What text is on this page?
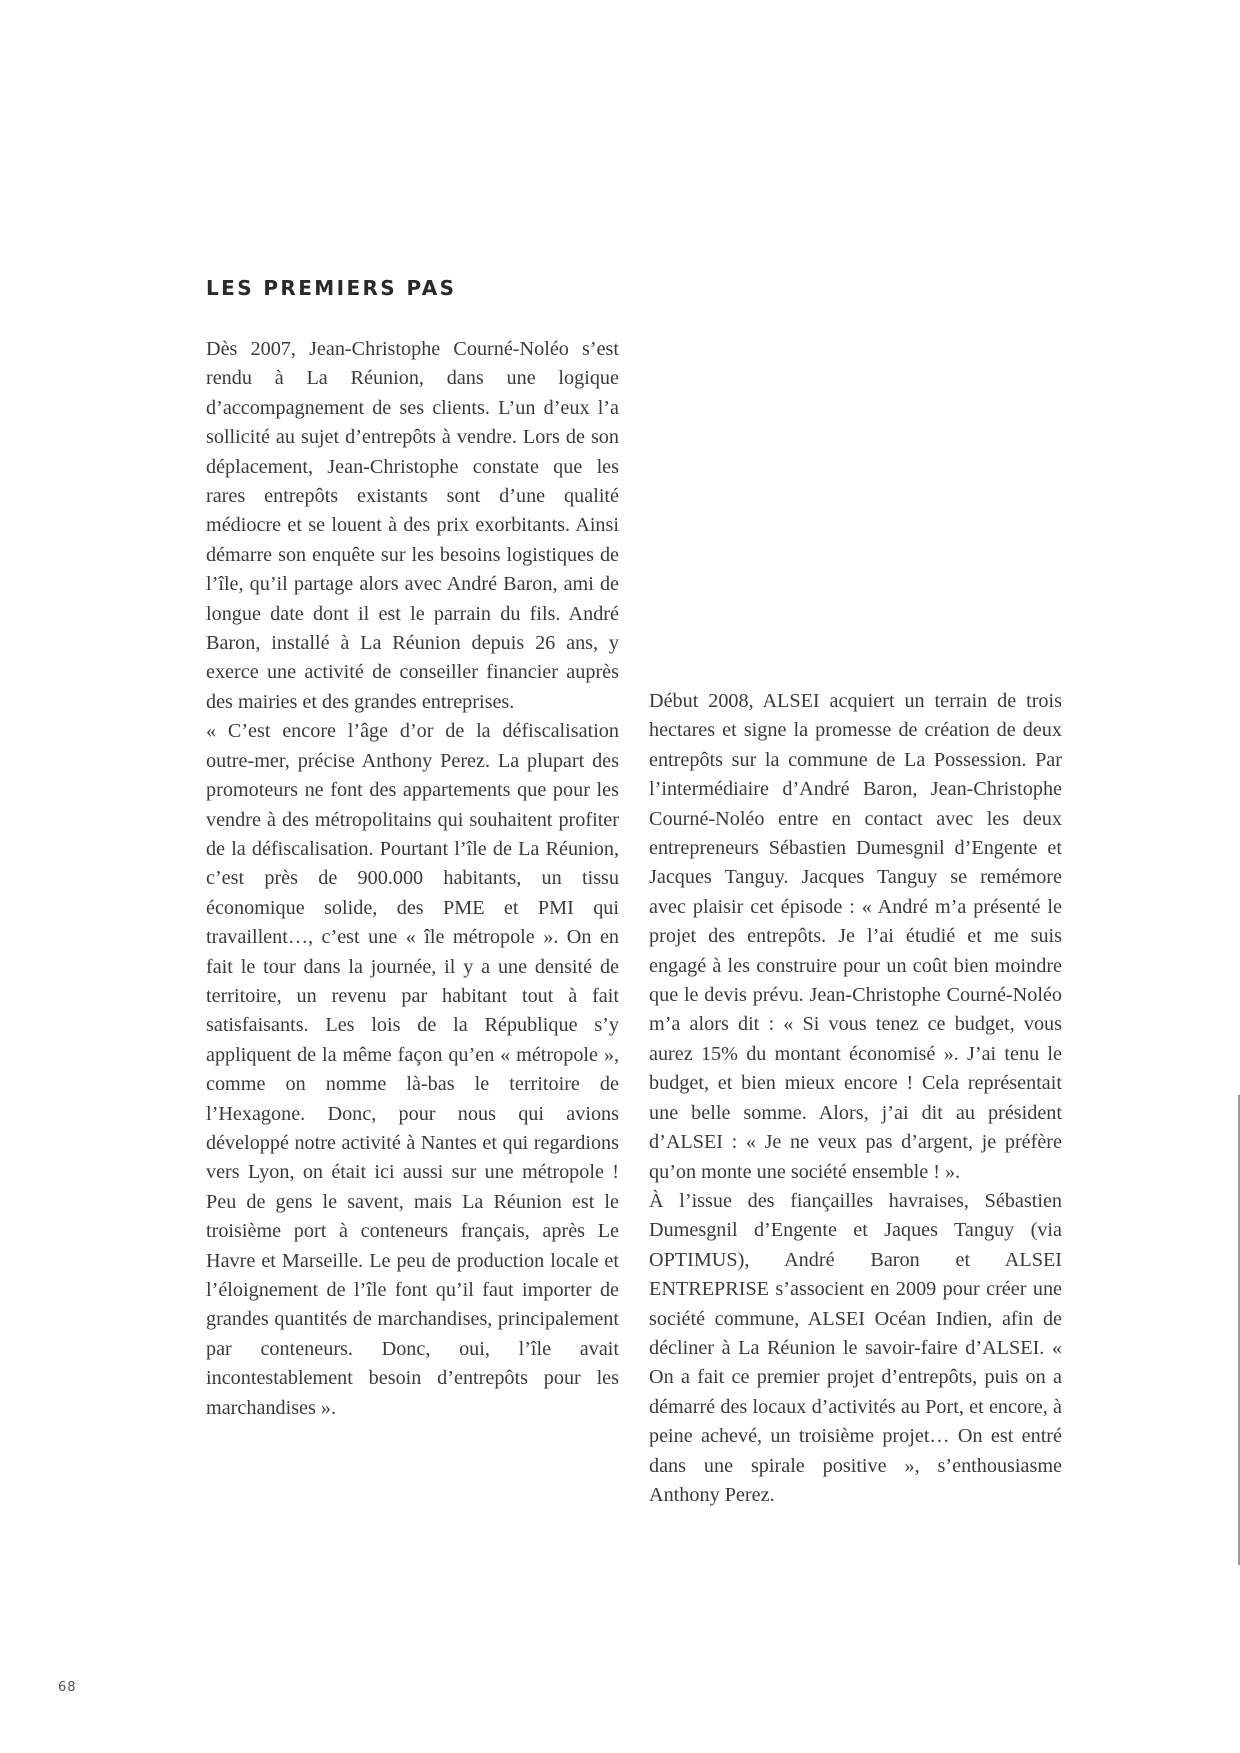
LES PREMIERS PAS

Dès 2007, Jean-Christophe Courné-Noléo s’est rendu à La Réunion, dans une logique d’accompagnement de ses clients. L’un d’eux l’a sollicité au sujet d’entrepôts à vendre. Lors de son déplacement, Jean-Christophe constate que les rares entrepôts existants sont d’une qualité médiocre et se louent à des prix exorbitants. Ainsi démarre son enquête sur les besoins logistiques de l’île, qu’il partage alors avec André Baron, ami de longue date dont il est le parrain du fils. André Baron, installé à La Réunion depuis 26 ans, y exerce une activité de conseiller financier auprès des mairies et des grandes entreprises.

« C’est encore l’âge d’or de la défiscalisation outre-mer, précise Anthony Perez. La plupart des promoteurs ne font des appartements que pour les vendre à des métropolitains qui souhaitent profiter de la défiscalisation. Pourtant l’île de La Réunion, c’est près de 900.000 habitants, un tissu économique solide, des PME et PMI qui travaillent…, c’est une « île métropole ». On en fait le tour dans la journée, il y a une densité de territoire, un revenu par habitant tout à fait satisfaisants. Les lois de la République s’y appliquent de la même façon qu’en « métropole », comme on nomme là-bas le territoire de l’Hexagone. Donc, pour nous qui avions développé notre activité à Nantes et qui regardions vers Lyon, on était ici aussi sur une métropole ! Peu de gens le savent, mais La Réunion est le troisième port à conteneurs français, après Le Havre et Marseille. Le peu de production locale et l’éloignement de l’île font qu’il faut importer de grandes quantités de marchandises, principalement par conteneurs. Donc, oui, l’île avait incontestablement besoin d’entrepôts pour les marchandises ».

Début 2008, ALSEI acquiert un terrain de trois hectares et signe la promesse de création de deux entrepôts sur la commune de La Possession. Par l’intermédiaire d’André Baron, Jean-Christophe Courné-Noléo entre en contact avec les deux entrepreneurs Sébastien Dumesgnil d’Engente et Jacques Tanguy. Jacques Tanguy se remémore avec plaisir cet épisode : « André m’a présenté le projet des entrepôts. Je l’ai étudié et me suis engagé à les construire pour un coût bien moindre que le devis prévu. Jean-Christophe Courné-Noléo m’a alors dit : « Si vous tenez ce budget, vous aurez 15% du montant économisé ». J’ai tenu le budget, et bien mieux encore ! Cela représentait une belle somme. Alors, j’ai dit au président d’ALSEI : « Je ne veux pas d’argent, je préfère qu’on monte une société ensemble ! ».

À l’issue des fiançailles havraises, Sébastien Dumesgnil d’Engente et Jaques Tanguy (via OPTIMUS), André Baron et ALSEI ENTREPRISE s’associent en 2009 pour créer une société commune, ALSEI Océan Indien, afin de décliner à La Réunion le savoir-faire d’ALSEI. « On a fait ce premier projet d’entrepôts, puis on a démarré des locaux d’activités au Port, et encore, à peine achevé, un troisième projet… On est entré dans une spirale positive », s’enthousiasme Anthony Perez.

68
